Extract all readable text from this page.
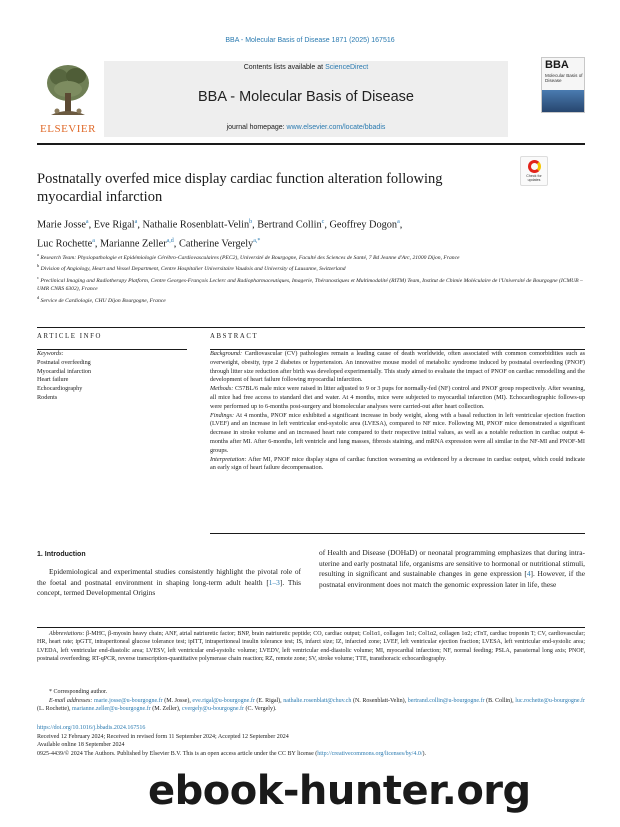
BBA - Molecular Basis of Disease 1871 (2025) 167516
ELSEVIER
Contents lists available at ScienceDirect
BBA - Molecular Basis of Disease
journal homepage: www.elsevier.com/locate/bbadis
BBA
Molecular Basis of Disease
Postnatally overfed mice display cardiac function alteration following myocardial infarction
Check for updates
Marie Josse$^a$, Eve Rigal$^a$, Nathalie Rosenblatt-Velin$^b$, Bertrand Collin$^c$, Geoffrey Dogon$^a$,
Luc Rochette$^a$, Marianne Zeller$^{a,d}$, Catherine Vergely$^{a,*}$
$^a$ Research Team: Physiopathologie et Epidémiologie Cérébro-Cardiovasculaires (PEC2), Université de Bourgogne, Faculté des Sciences de Santé, 7 Bd Jeanne d'Arc, 21000 Dijon, France
$^b$ Division of Angiology, Heart and Vessel Department, Centre Hospitalier Universitaire Vaudois and University of Lausanne, Switzerland
$^c$ Preclinical Imaging and Radiotherapy Platform, Centre Georges-François Leclerc and Radiopharmaceutiques, Imagerie, Théranostiques et Multimodalité (RITM) Team, Institut de Chimie Moléculaire de l'Université de Bourgogne (ICMUB – UMR CNRS 6302), France
$^d$ Service de Cardiologie, CHU Dijon Bourgogne, France
ARTICLE INFO	ABSTRACT
Keywords:
Postnatal overfeeding
Myocardial infarction
Heart failure
Echocardiography
Rodents

Background: Cardiovascular (CV) pathologies remain a leading cause of death worldwide, often associated with common comorbidities such as overweight, obesity, type 2 diabetes or hypertension. An innovative mouse model of metabolic syndrome induced by postnatal overfeeding (PNOF) through litter size reduction after birth was developed experimentally. This study aimed to evaluate the impact of PNOF on cardiac remodelling and the development of heart failure following myocardial infarction.

Methods: C57BL/6 male mice were raised in litter adjusted to 9 or 3 pups for normally-fed (NF) control and PNOF group respectively. After weaning, all mice had free access to standard diet and water. At 4 months, mice were subjected to myocardial infarction (MI). Echocardiographic follows-up were performed up to 6-months post-surgery and biomolecular analyses were carried-out after heart collection.

Findings: At 4 months, PNOF mice exhibited a significant increase in body weight, along with a basal reduction in left ventricular ejection fraction (LVEF) and an increase in left ventricular end-systolic area (LVESA), compared to NF mice. Following MI, PNOF mice demonstrated a significant decrease in stroke volume and an increased heart rate compared to their respective initial values, as well as a notable reduction in cardiac output 4-months after MI. After 6-months, left ventricle and lung masses, fibrosis staining, and mRNA expression were all similar in the NF-MI and PNOF-MI groups.

Interpretation: After MI, PNOF mice display signs of cardiac function worsening as evidenced by a decrease in cardiac output, which could indicate an early sign of heart failure decompensation.

1. Introduction
Epidemiological and experimental studies consistently highlight the pivotal role of the foetal and postnatal environment in shaping long-term adult health [1–3]. This concept, termed Developmental Origins
of Health and Disease (DOHaD) or neonatal programming emphasizes that during intra-uterine and early postnatal life, organisms are sensitive to hormonal or nutritional stimuli, resulting in significant and sustainable changes in gene expression [4]. However, if the postnatal environment does not match the genomic expression later in life, these
Abbreviations: β-MHC, β-myosin heavy chain; ANF, atrial natriuretic factor; BNP, brain natriuretic peptide; CO, cardiac output; Col1α1, collagen 1α1; Col1α2, collagen 1α2; cTnT, cardiac troponin T; CV, cardiovascular; HR, heart rate; ipGTT, intraperitoneal glucose tolerance test; ipITT, intraperitoneal insulin tolerance test; IS, infarct size; IZ, infarcted zone; LVEF, left ventricular ejection fraction; LVESA, left ventricular end-systolic area; LVEDA, left ventricular end-diastolic area; LVESV, left ventricular end-systolic volume; LVEDV, left ventricular end-diastolic volume; MI, myocardial infarction; NF, normal feeding; PSLA, parasternal long axis; PNOF, postnatal overfeeding; RT-qPCR, reverse transcription-quantitative polymerase chain reaction; RZ, remote zone; SV, stroke volume; TTE, transthoracic echocardiography.
* Corresponding author.
E-mail addresses: marie.josse@u-bourgogne.fr (M. Josse), eve.rigal@u-bourgogne.fr (E. Rigal), nathalie.rosenblatt@chuv.ch (N. Rosenblatt-Velin), bertrand.collin@u-bourgogne.fr (B. Collin), luc.rochette@u-bourgogne.fr (L. Rochette), marianne.zeller@u-bourgogne.fr (M. Zeller), cvergely@u-bourgogne.fr (C. Vergely).
https://doi.org/10.1016/j.bbadis.2024.167516
Received 12 February 2024; Received in revised form 11 September 2024; Accepted 12 September 2024
Available online 18 September 2024
0925-4439/© 2024 The Authors. Published by Elsevier B.V. This is an open access article under the CC BY license (http://creativecommons.org/licenses/by/4.0/).
ebook-hunter.org
